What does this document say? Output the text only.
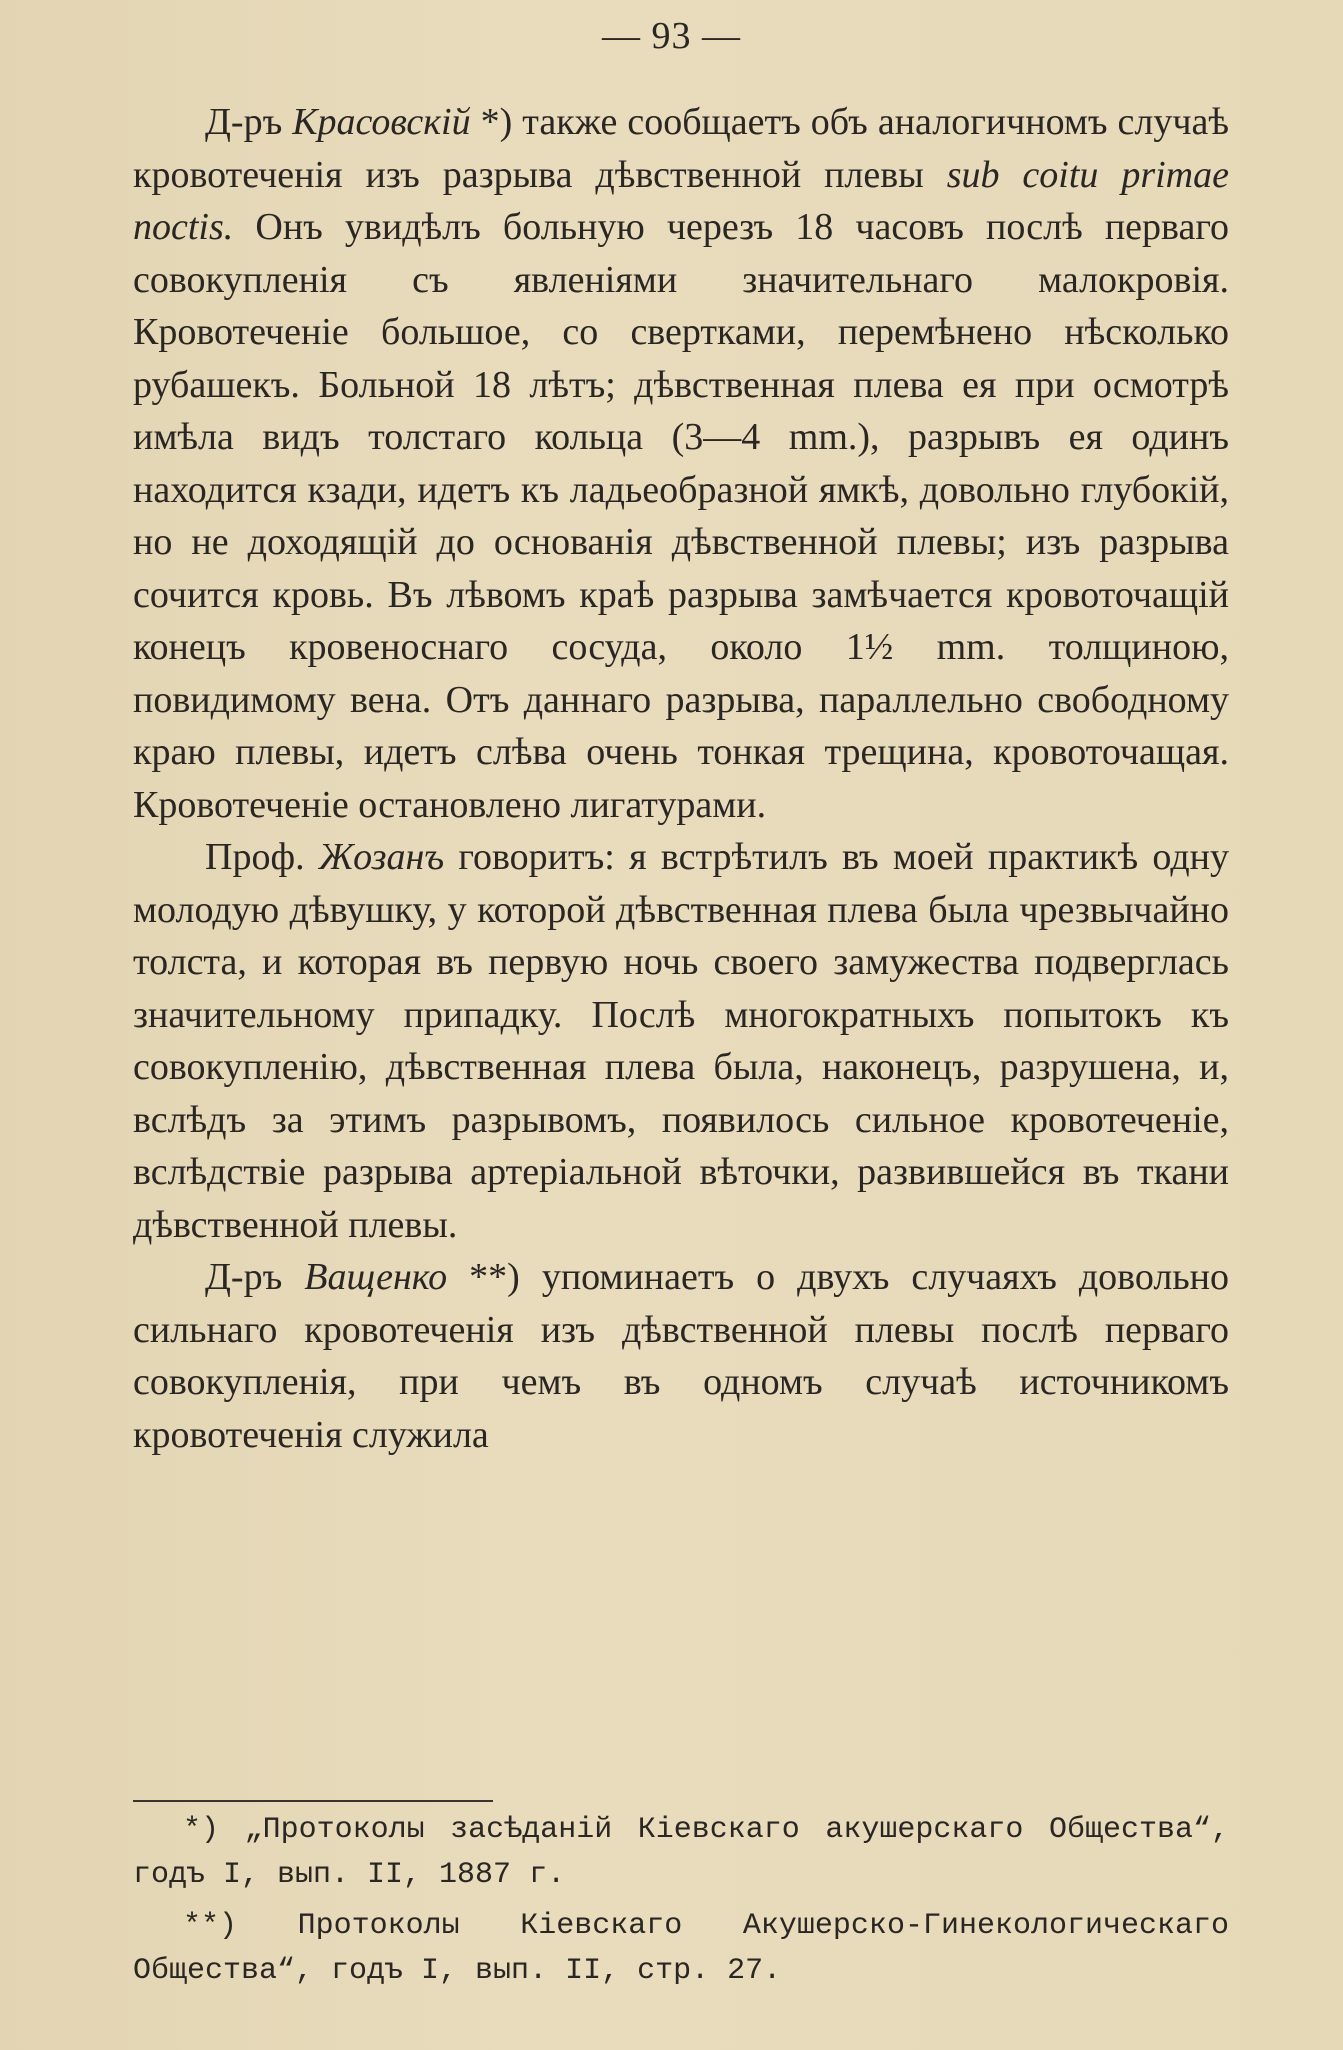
— 93 —

Д-ръ Красовскій *) также сообщаетъ объ аналогичномъ случаѣ кровотеченія изъ разрыва дѣвственной плевы sub coitu primae noctis. Онъ увидѣлъ больную черезъ 18 часовъ послѣ перваго совокупленія съ явленіями значительнаго малокровія. Кровотеченіе большое, со свертками, перемѣнено нѣсколько рубашекъ. Больной 18 лѣтъ; дѣвственная плева ея при осмотрѣ имѣла видъ толстаго кольца (3—4 mm.), разрывъ ея одинъ находится кзади, идетъ къ ладьеобразной ямкѣ, довольно глубокій, но не доходящій до основанія дѣвственной плевы; изъ разрыва сочится кровь. Въ лѣвомъ краѣ разрыва замѣчается кровоточащій конецъ кровеноснаго сосуда, около 1½ mm. толщиною, повидимому вена. Отъ даннаго разрыва, параллельно свободному краю плевы, идетъ слѣва очень тонкая трещина, кровоточащая. Кровотеченіе остановлено лигатурами.

Проф. Жозанъ говоритъ: я встрѣтилъ въ моей практикѣ одну молодую дѣвушку, у которой дѣвственная плева была чрезвычайно толста, и которая въ первую ночь своего замужества подверглась значительному припадку. Послѣ многократныхъ попытокъ къ совокупленію, дѣвственная плева была, наконецъ, разрушена, и, вслѣдъ за этимъ разрывомъ, появилось сильное кровотеченіе, вслѣдствіе разрыва артеріальной вѣточки, развившейся въ ткани дѣвственной плевы.

Д-ръ Ващенко **) упоминаетъ о двухъ случаяхъ довольно сильнаго кровотеченія изъ дѣвственной плевы послѣ перваго совокупленія, при чемъ въ одномъ случаѣ источникомъ кровотеченія служила

*) „Протоколы засѣданій Кіевскаго акушерскаго Общества“, годъ I, вып. II, 1887 г.

**) Протоколы Кіевскаго Акушерско-Гинекологическаго Общества“, годъ I, вып. II, стр. 27.
